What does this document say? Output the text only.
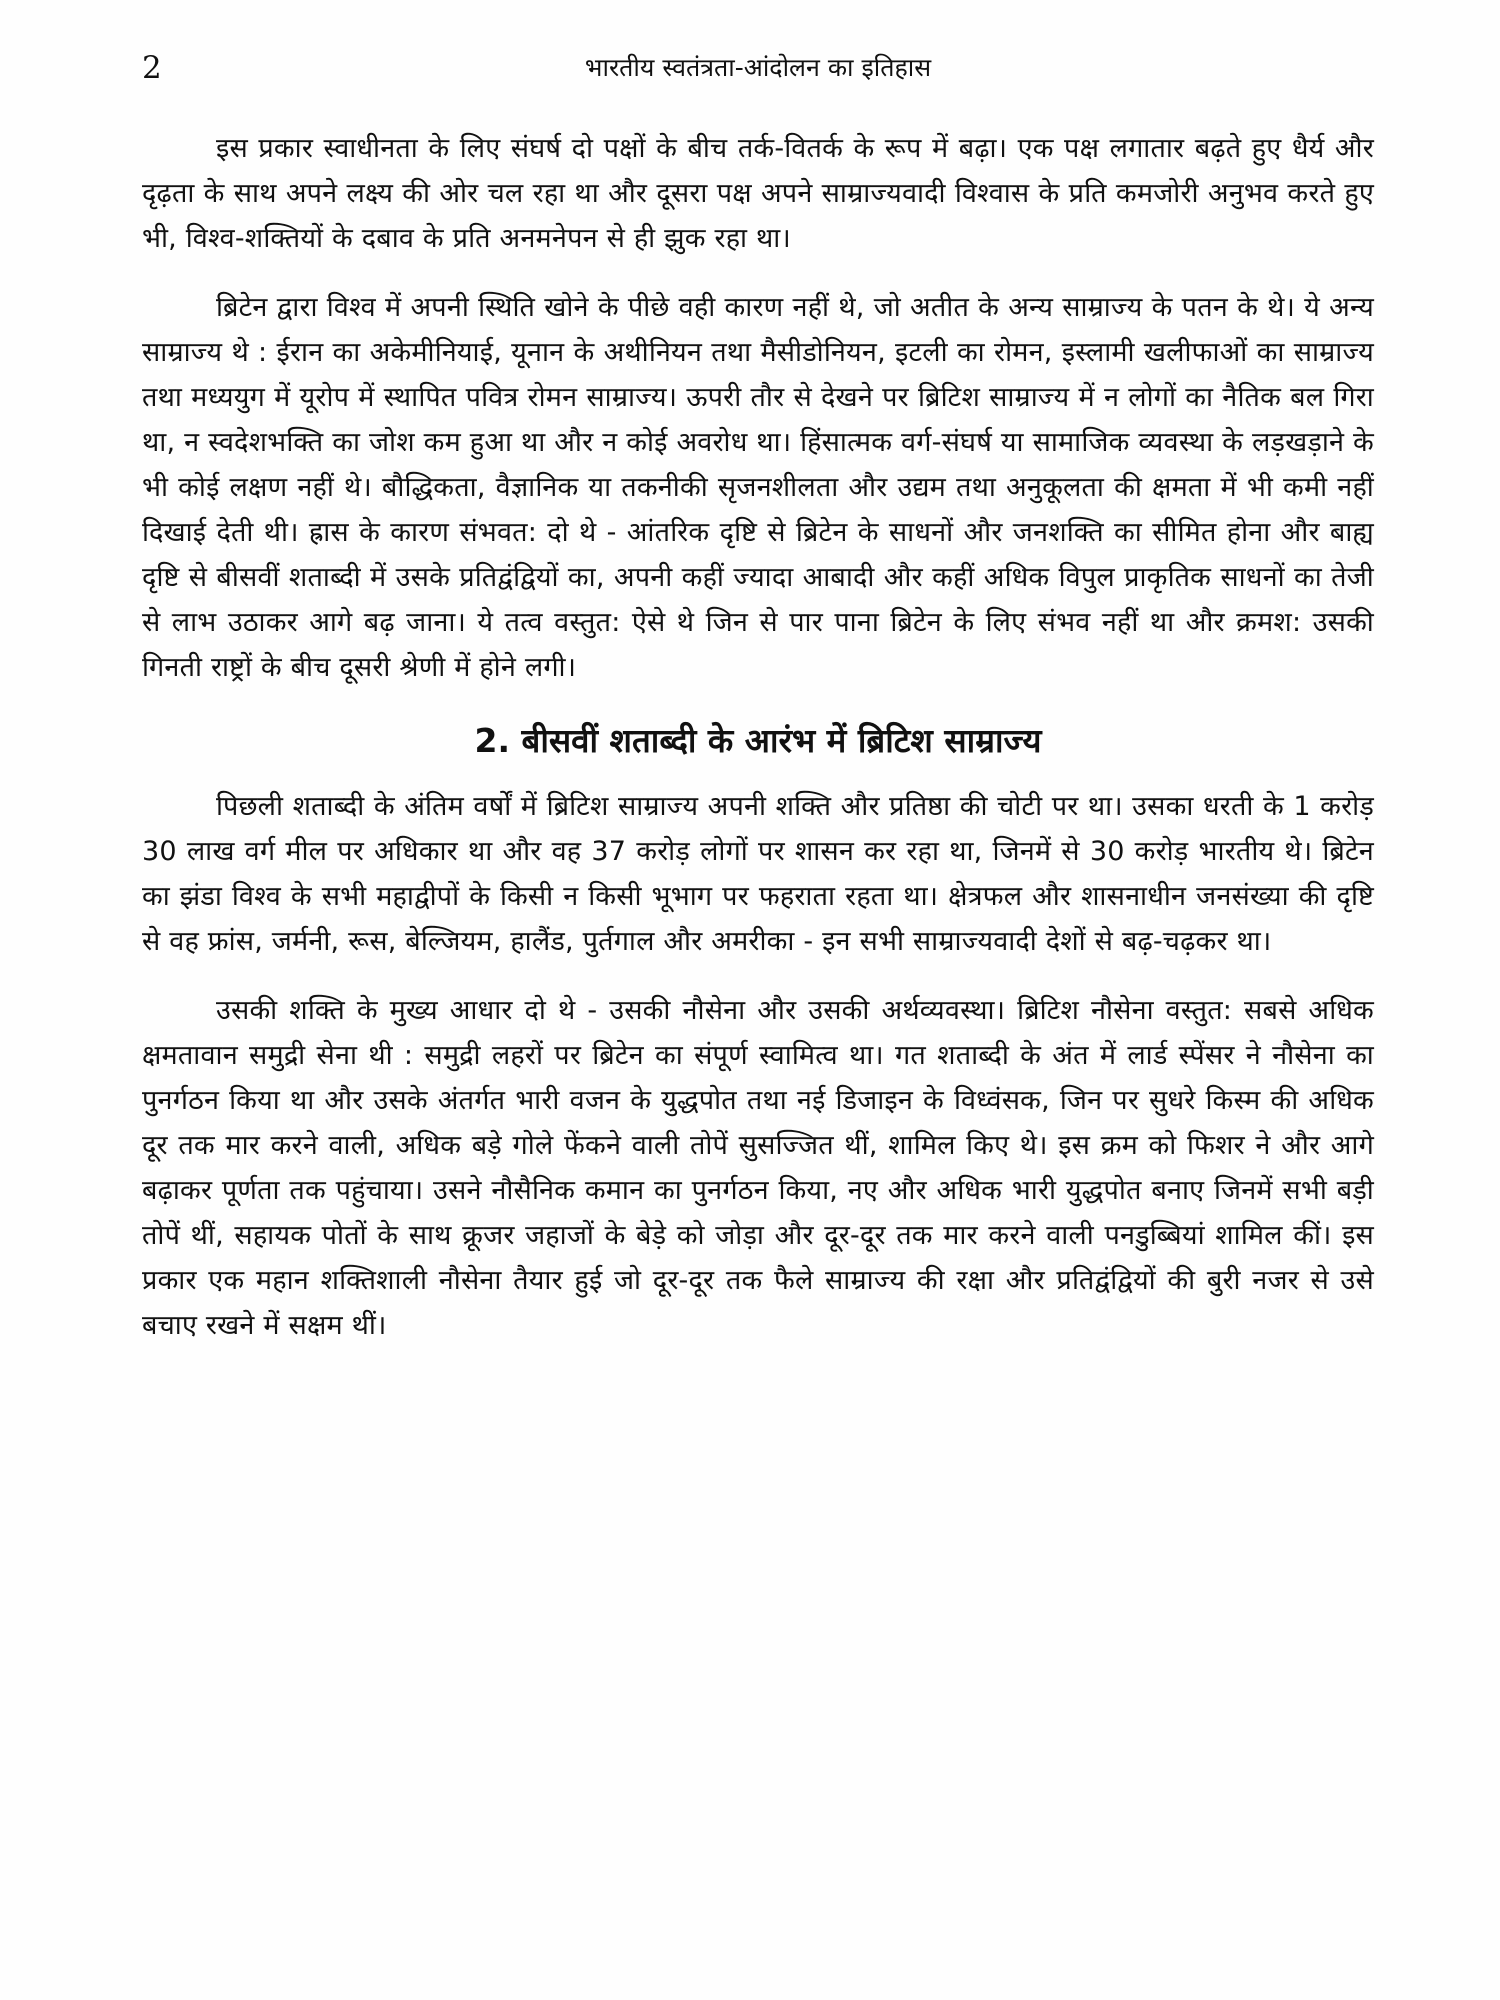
2	भारतीय स्वतंत्रता-आंदोलन का इतिहास

इस प्रकार स्वाधीनता के लिए संघर्ष दो पक्षों के बीच तर्क-वितर्क के रूप में बढ़ा। एक पक्ष लगातार बढ़ते हुए धैर्य और दृढ़ता के साथ अपने लक्ष्य की ओर चल रहा था और दूसरा पक्ष अपने साम्राज्यवादी विश्वास के प्रति कमजोरी अनुभव करते हुए भी, विश्व-शक्तियों के दबाव के प्रति अनमनेपन से ही झुक रहा था।

ब्रिटेन द्वारा विश्व में अपनी स्थिति खोने के पीछे वही कारण नहीं थे, जो अतीत के अन्य साम्राज्य के पतन के थे। ये अन्य साम्राज्य थे : ईरान का अकेमीनियाई, यूनान के अथीनियन तथा मैसीडोनियन, इटली का रोमन, इस्लामी खलीफाओं का साम्राज्य तथा मध्ययुग में यूरोप में स्थापित पवित्र रोमन साम्राज्य। ऊपरी तौर से देखने पर ब्रिटिश साम्राज्य में न लोगों का नैतिक बल गिरा था, न स्वदेशभक्ति का जोश कम हुआ था और न कोई अवरोध था। हिंसात्मक वर्ग-संघर्ष या सामाजिक व्यवस्था के लड़खड़ाने के भी कोई लक्षण नहीं थे। बौद्धिकता, वैज्ञानिक या तकनीकी सृजनशीलता और उद्यम तथा अनुकूलता की क्षमता में भी कमी नहीं दिखाई देती थी। ह्रास के कारण संभवत: दो थे - आंतरिक दृष्टि से ब्रिटेन के साधनों और जनशक्ति का सीमित होना और बाह्य दृष्टि से बीसवीं शताब्दी में उसके प्रतिद्वंद्वियों का, अपनी कहीं ज्यादा आबादी और कहीं अधिक विपुल प्राकृतिक साधनों का तेजी से लाभ उठाकर आगे बढ़ जाना। ये तत्व वस्तुत: ऐसे थे जिन से पार पाना ब्रिटेन के लिए संभव नहीं था और क्रमश: उसकी गिनती राष्ट्रों के बीच दूसरी श्रेणी में होने लगी।

2. बीसवीं शताब्दी के आरंभ में ब्रिटिश साम्राज्य

पिछली शताब्दी के अंतिम वर्षों में ब्रिटिश साम्राज्य अपनी शक्ति और प्रतिष्ठा की चोटी पर था। उसका धरती के 1 करोड़ 30 लाख वर्ग मील पर अधिकार था और वह 37 करोड़ लोगों पर शासन कर रहा था, जिनमें से 30 करोड़ भारतीय थे। ब्रिटेन का झंडा विश्व के सभी महाद्वीपों के किसी न किसी भूभाग पर फहराता रहता था। क्षेत्रफल और शासनाधीन जनसंख्या की दृष्टि से वह फ्रांस, जर्मनी, रूस, बेल्जियम, हालैंड, पुर्तगाल और अमरीका - इन सभी साम्राज्यवादी देशों से बढ़-चढ़कर था।

उसकी शक्ति के मुख्य आधार दो थे - उसकी नौसेना और उसकी अर्थव्यवस्था। ब्रिटिश नौसेना वस्तुत: सबसे अधिक क्षमतावान समुद्री सेना थी : समुद्री लहरों पर ब्रिटेन का संपूर्ण स्वामित्व था। गत शताब्दी के अंत में लार्ड स्पेंसर ने नौसेना का पुनर्गठन किया था और उसके अंतर्गत भारी वजन के युद्धपोत तथा नई डिजाइन के विध्वंसक, जिन पर सुधरे किस्म की अधिक दूर तक मार करने वाली, अधिक बड़े गोले फेंकने वाली तोपें सुसज्जित थीं, शामिल किए थे। इस क्रम को फिशर ने और आगे बढ़ाकर पूर्णता तक पहुंचाया। उसने नौसैनिक कमान का पुनर्गठन किया, नए और अधिक भारी युद्धपोत बनाए जिनमें सभी बड़ी तोपें थीं, सहायक पोतों के साथ क्रूजर जहाजों के बेड़े को जोड़ा और दूर-दूर तक मार करने वाली पनडुब्बियां शामिल कीं। इस प्रकार एक महान शक्तिशाली नौसेना तैयार हुई जो दूर-दूर तक फैले साम्राज्य की रक्षा और प्रतिद्वंद्वियों की बुरी नजर से उसे बचाए रखने में सक्षम थीं।
